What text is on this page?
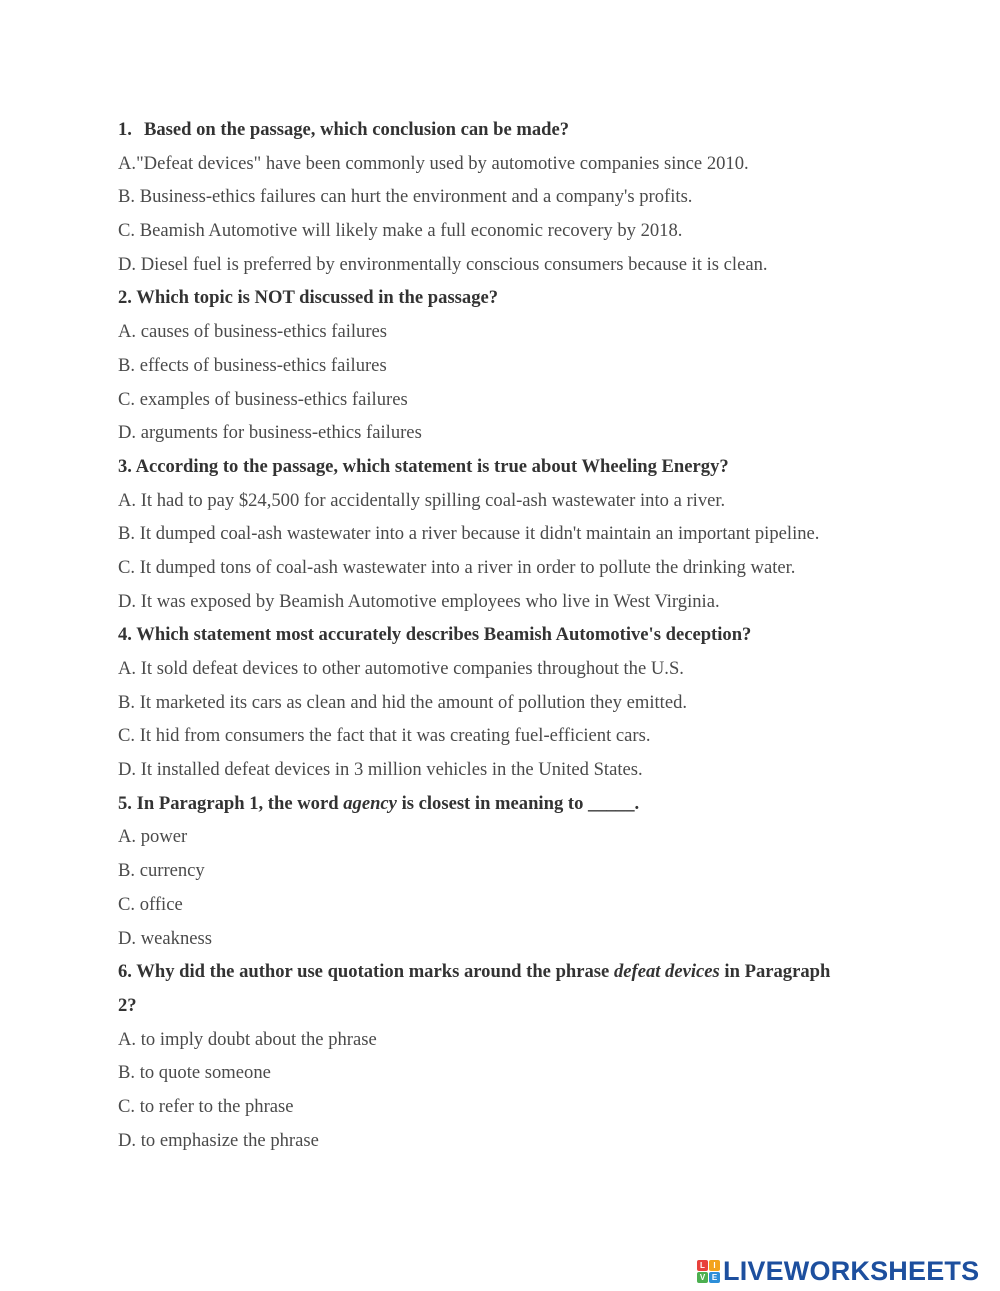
1. Based on the passage, which conclusion can be made?
A."Defeat devices" have been commonly used by automotive companies since 2010.
B. Business-ethics failures can hurt the environment and a company's profits.
C. Beamish Automotive will likely make a full economic recovery by 2018.
D. Diesel fuel is preferred by environmentally conscious consumers because it is clean.
2. Which topic is NOT discussed in the passage?
A. causes of business-ethics failures
B. effects of business-ethics failures
C. examples of business-ethics failures
D. arguments for business-ethics failures
3. According to the passage, which statement is true about Wheeling Energy?
A. It had to pay $24,500 for accidentally spilling coal-ash wastewater into a river.
B. It dumped coal-ash wastewater into a river because it didn't maintain an important pipeline.
C. It dumped tons of coal-ash wastewater into a river in order to pollute the drinking water.
D. It was exposed by Beamish Automotive employees who live in West Virginia.
4. Which statement most accurately describes Beamish Automotive's deception?
A. It sold defeat devices to other automotive companies throughout the U.S.
B. It marketed its cars as clean and hid the amount of pollution they emitted.
C. It hid from consumers the fact that it was creating fuel-efficient cars.
D. It installed defeat devices in 3 million vehicles in the United States.
5. In Paragraph 1, the word agency is closest in meaning to _____.
A. power
B. currency
C. office
D. weakness
6. Why did the author use quotation marks around the phrase defeat devices in Paragraph
2?
A. to imply doubt about the phrase
B. to quote someone
C. to refer to the phrase
D. to emphasize the phrase
L	I
V E LIVEWORKSHEETS
